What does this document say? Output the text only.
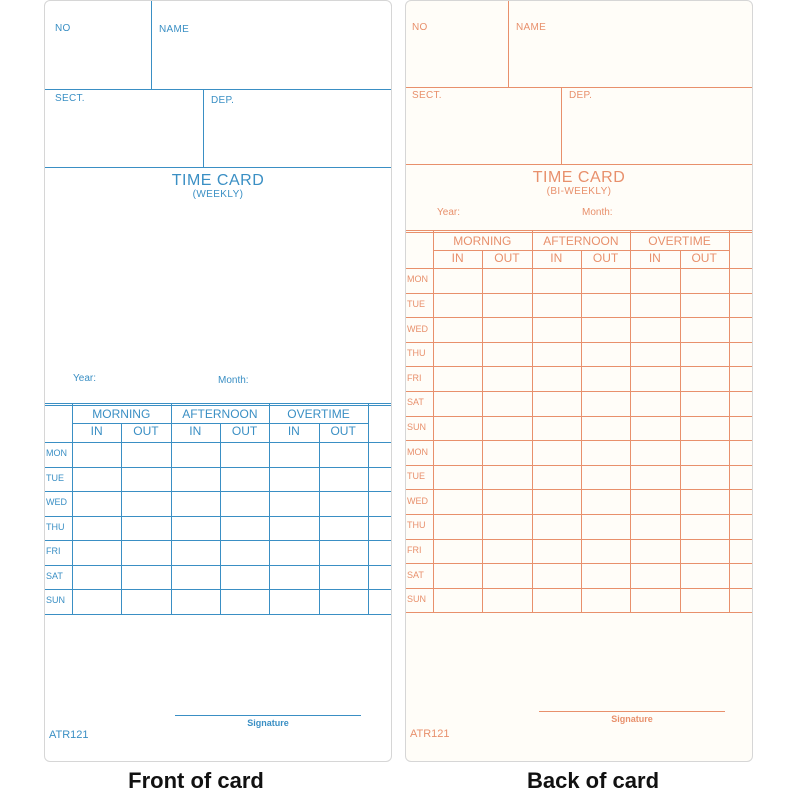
NO	NAME
SECT.	DEP.
TIME CARD
(WEEKLY)
Year:	Month:
MORNING	AFTERNOON	OVERTIME
IN	OUT	IN	OUT	IN	OUT
MON
TUE
WED
THU
FRI
SAT
SUN
Signature
ATR121
NO	NAME
SECT.	DEP.
TIME CARD
(BI-WEEKLY)
Year:	Month:
MORNING	AFTERNOON	OVERTIME
IN	OUT	IN	OUT	IN	OUT
MON
TUE
WED
THU
FRI
SAT
SUN
MON
TUE
WED
THU
FRI
SAT
SUN
Signature
ATR121
Front of card	Back of card
